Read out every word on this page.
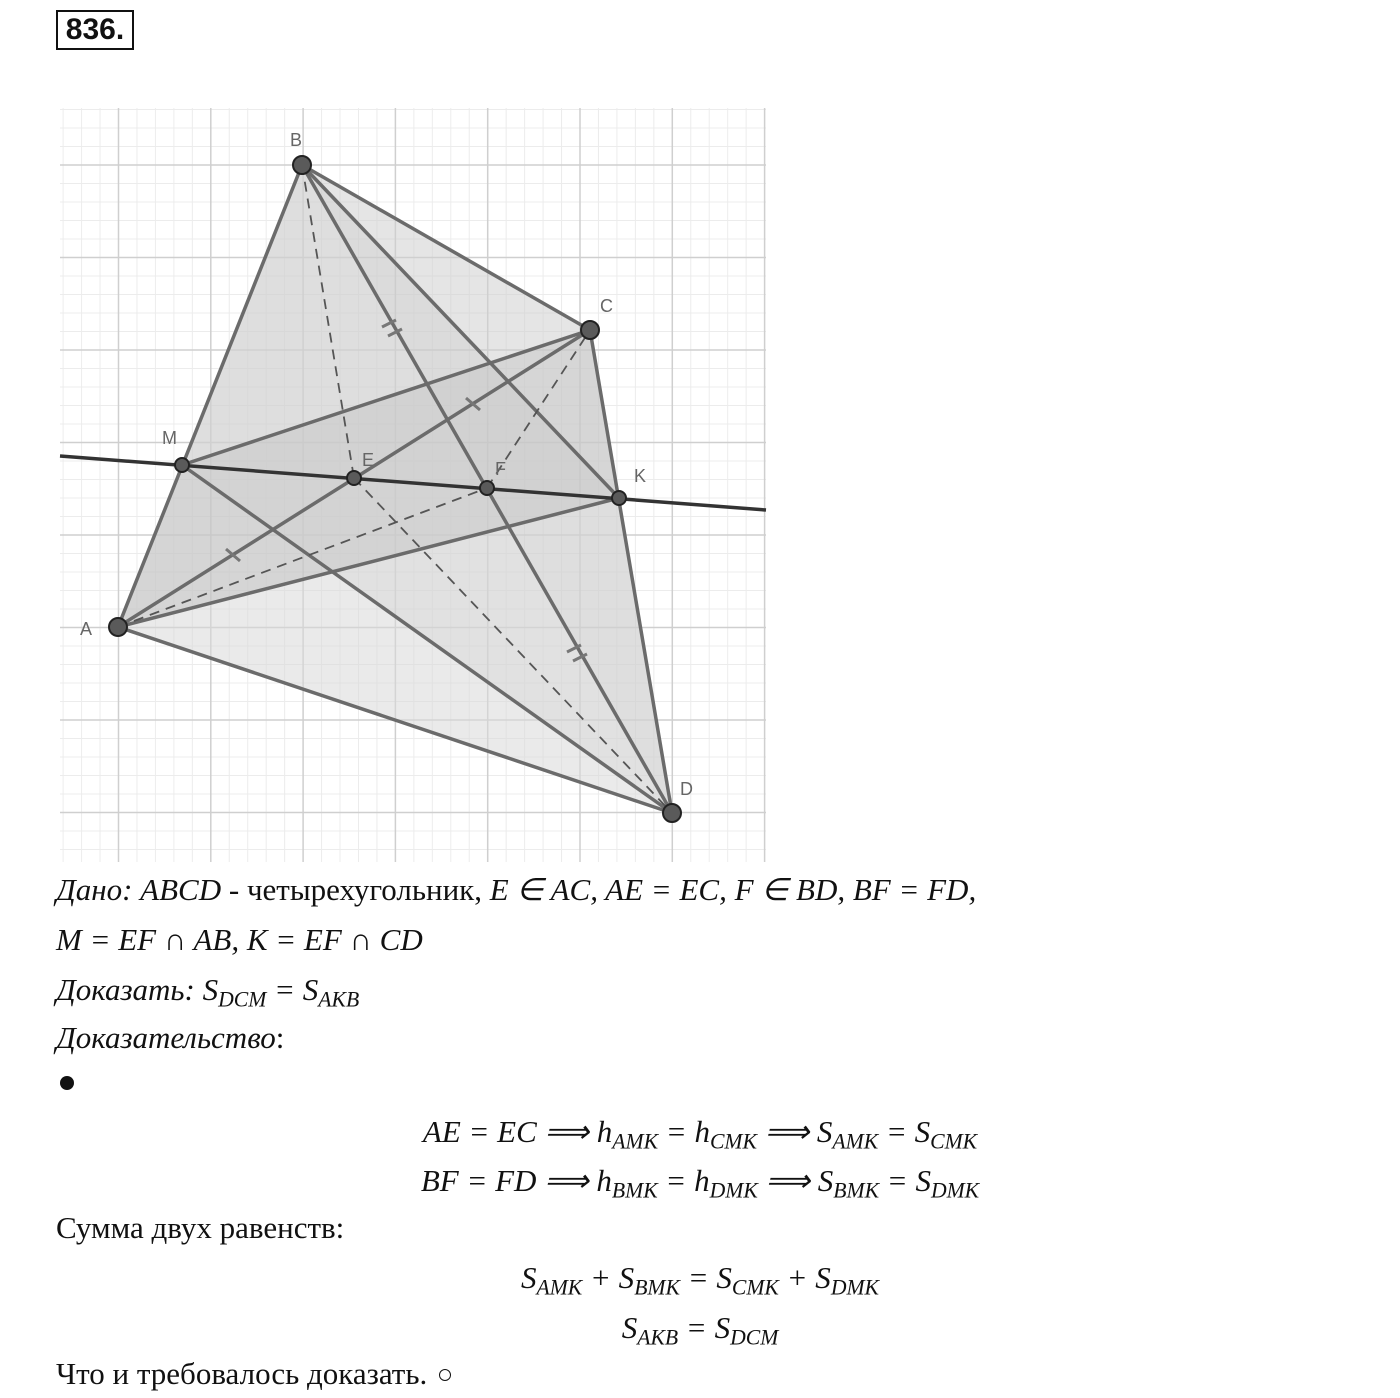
836.
B
C
M
E	F	K
A
D
Дано: ABCD - четырехугольник, E ∈ AC, AE = EC, F ∈ BD, BF = FD,
M = EF ∩ AB, K = EF ∩ CD
Доказать: $S_{DCM} = S_{AKB}$
Доказательство:
AE = EC ⟹ $h_{AMK} = h_{CMK}$ ⟹ $S_{AMK} = S_{CMK}$
BF = FD ⟹ $h_{BMK} = h_{DMK}$ ⟹ $S_{BMK} = S_{DMK}$
Сумма двух равенств:
$S_{AMK} + S_{BMK} = S_{CMK} + S_{DMK}$
$S_{AKB} = S_{DCM}$
Что и требовалось доказать.
